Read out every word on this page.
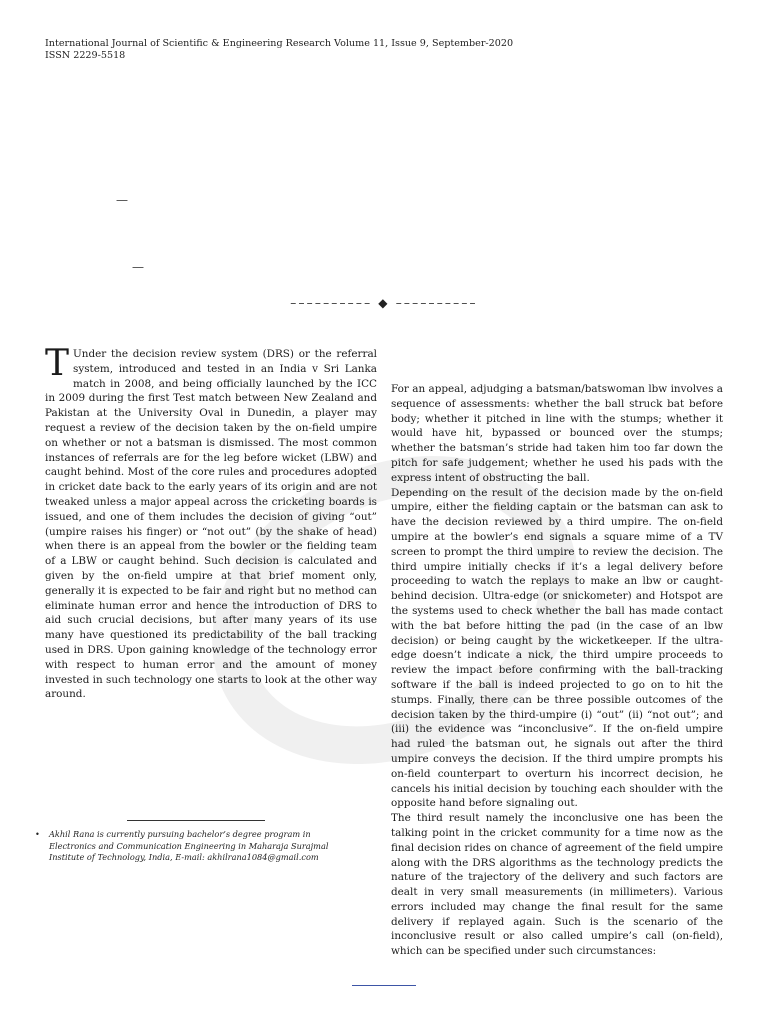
International Journal of Scientific & Engineering Research Volume 11, Issue 9, September-2020
ISSN 2229-5518
—
—
–––––––––– ◆ ––––––––––

T Under the decision review system (DRS) or the referral system, introduced and tested in an India v Sri Lanka match in 2008, and being officially launched by the ICC in 2009 during the first Test match between New Zealand and Pakistan at the University Oval in Dunedin, a player may request a review of the decision taken by the on-field umpire on whether or not a batsman is dismissed. The most common instances of referrals are for the leg before wicket (LBW) and caught behind. Most of the core rules and procedures adopted in cricket date back to the early years of its origin and are not tweaked unless a major appeal across the cricketing boards is issued, and one of them includes the decision of giving “out” (umpire raises his finger) or “not out” (by the shake of head) when there is an appeal from the bowler or the fielding team of a LBW or caught behind. Such decision is calculated and given by the on-field umpire at that brief moment only, generally it is expected to be fair and right but no method can eliminate human error and hence the introduction of DRS to aid such crucial decisions, but after many years of its use many have questioned its predictability of the ball tracking used in DRS. Upon gaining knowledge of the technology error with respect to human error and the amount of money invested in such technology one starts to look at the other way around.

• Akhil Rana is currently pursuing bachelor’s degree program in Electronics and Communication Engineering in Maharaja Surajmal Institute of Technology, India, E-mail: akhilrana1084@gmail.com

For an appeal, adjudging a batsman/batswoman lbw involves a sequence of assessments: whether the ball struck bat before body; whether it pitched in line with the stumps; whether it would have hit, bypassed or bounced over the stumps; whether the batsman’s stride had taken him too far down the pitch for safe judgement; whether he used his pads with the express intent of obstructing the ball.

Depending on the result of the decision made by the on-field umpire, either the fielding captain or the batsman can ask to have the decision reviewed by a third umpire. The on-field umpire at the bowler’s end signals a square mime of a TV screen to prompt the third umpire to review the decision. The third umpire initially checks if it’s a legal delivery before proceeding to watch the replays to make an lbw or caught-behind decision. Ultra-edge (or snickometer) and Hotspot are the systems used to check whether the ball has made contact with the bat before hitting the pad (in the case of an lbw decision) or being caught by the wicketkeeper. If the ultra-edge doesn’t indicate a nick, the third umpire proceeds to review the impact before confirming with the ball-tracking software if the ball is indeed projected to go on to hit the stumps. Finally, there can be three possible outcomes of the decision taken by the third-umpire (i) “out” (ii) “not out”; and (iii) the evidence was “inconclusive”. If the on-field umpire had ruled the batsman out, he signals out after the third umpire conveys the decision. If the third umpire prompts his on-field counterpart to overturn his incorrect decision, he cancels his initial decision by touching each shoulder with the opposite hand before signaling out.

The third result namely the inconclusive one has been the talking point in the cricket community for a time now as the final decision rides on chance of agreement of the field umpire along with the DRS algorithms as the technology predicts the nature of the trajectory of the delivery and such factors are dealt in very small measurements (in millimeters). Various errors included may change the final result for the same delivery if replayed again. Such is the scenario of the inconclusive result or also called umpire’s call (on-field), which can be specified under such circumstances:
